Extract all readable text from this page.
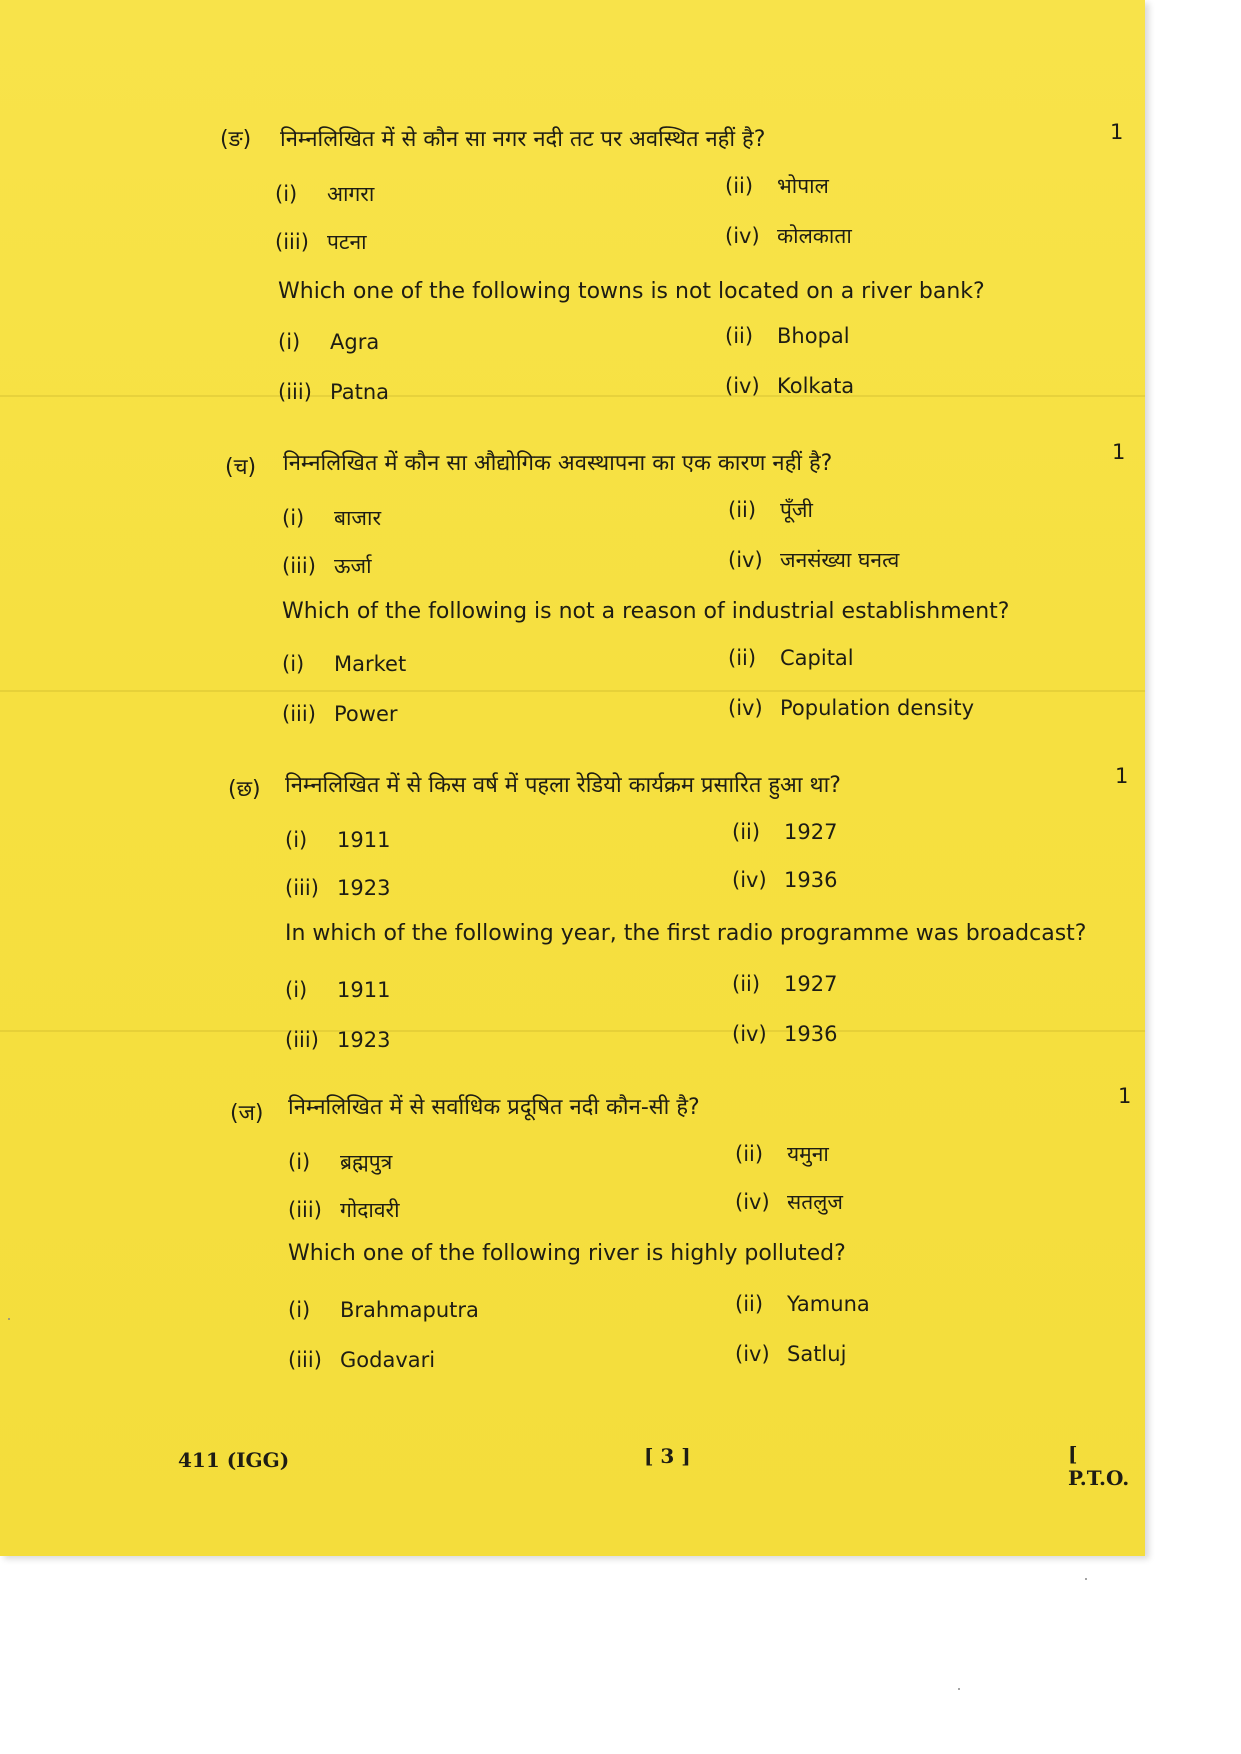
(ङ) निम्नलिखित में से कौन सा नगर नदी तट पर अवस्थित नहीं है?	1
(i) आगरा	(ii) भोपाल
(iii) पटना	(iv) कोलकाता
Which one of the following towns is not located on a river bank?
(i) Agra	(ii) Bhopal
(iii) Patna	(iv) Kolkata
(च) निम्नलिखित में कौन सा औद्योगिक अवस्थापना का एक कारण नहीं है?	1
(i) बाजार	(ii) पूँजी
(iii) ऊर्जा	(iv) जनसंख्या घनत्व
Which of the following is not a reason of industrial establishment?
(i) Market	(ii) Capital
(iii) Power	(iv) Population density
(छ) निम्नलिखित में से किस वर्ष में पहला रेडियो कार्यक्रम प्रसारित हुआ था?	1
(i) 1911	(ii) 1927
(iii) 1923	(iv) 1936
In which of the following year, the first radio programme was broadcast?
(i) 1911	(ii) 1927
(iii) 1923	(iv) 1936
(ज) निम्नलिखित में से सर्वाधिक प्रदूषित नदी कौन-सी है?	1
(i) ब्रह्मपुत्र	(ii) यमुना
(iii) गोदावरी	(iv) सतलुज
Which one of the following river is highly polluted?
(i) Brahmaputra	(ii) Yamuna
(iii) Godavari	(iv) Satluj
411 (IGG)	[ 3 ]	[ P.T.O.
